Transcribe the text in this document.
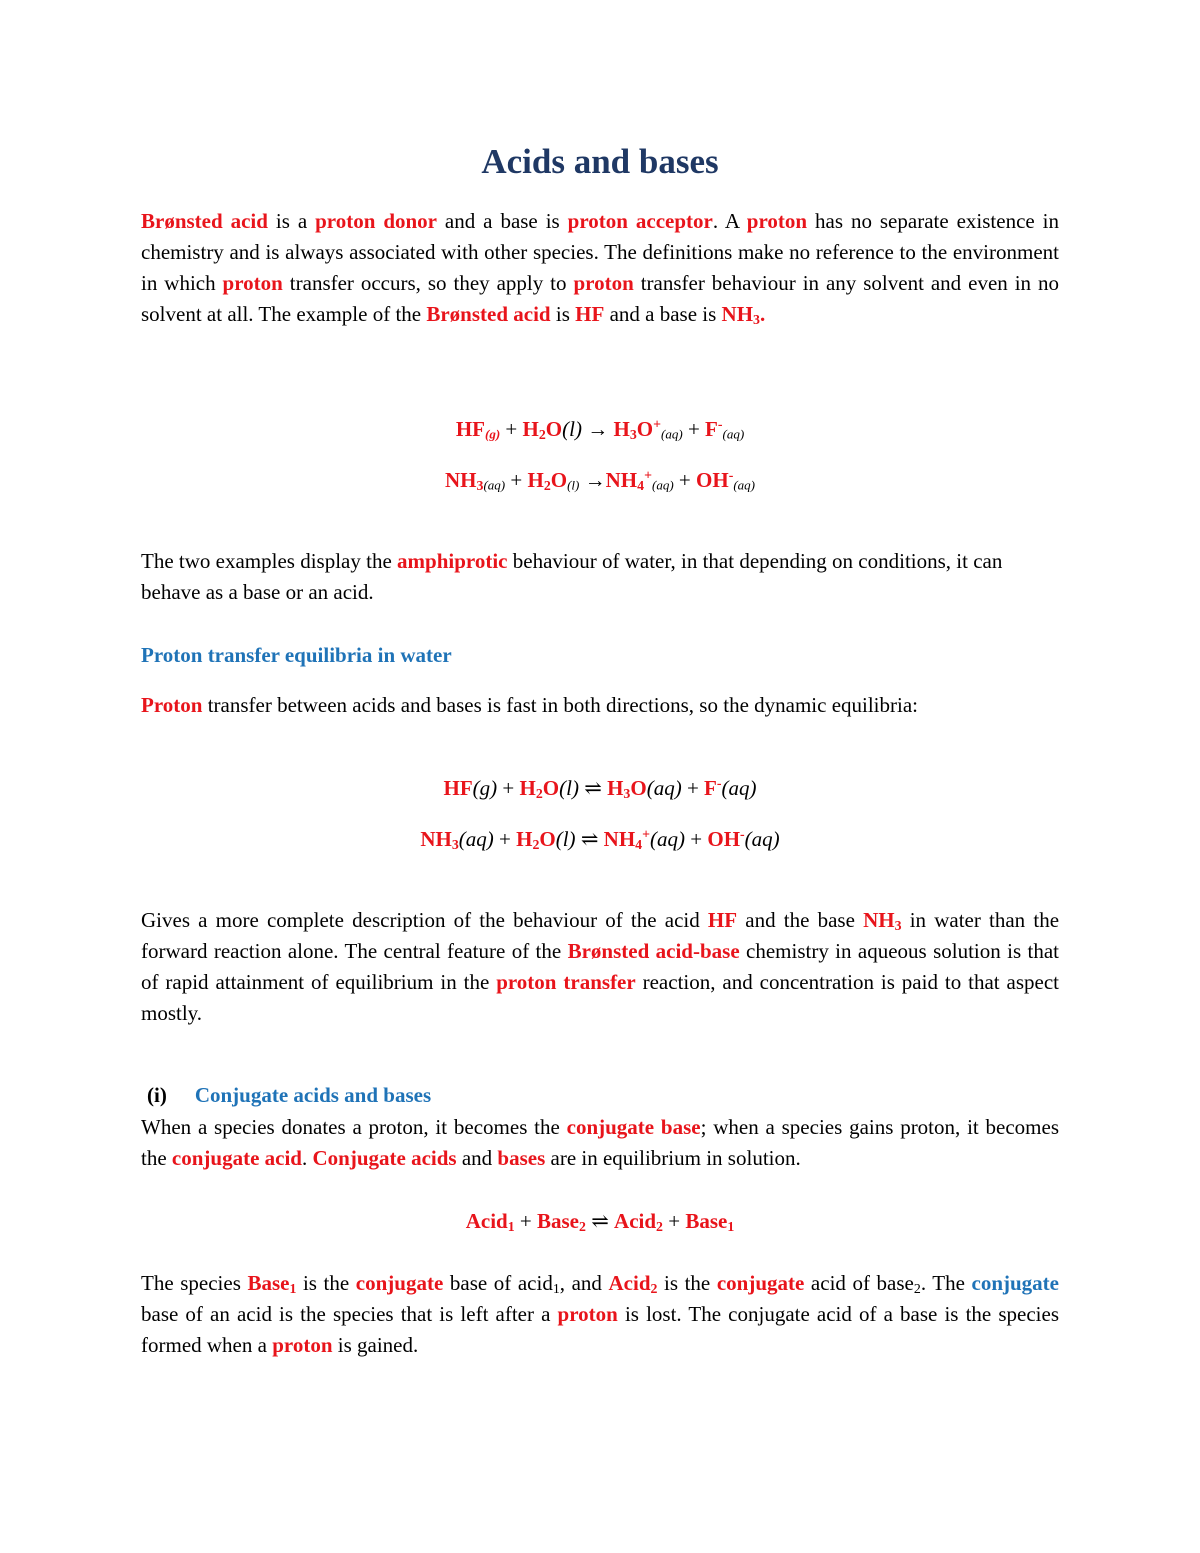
Acids and bases

Brønsted acid is a proton donor and a base is proton acceptor. A proton has no separate existence in chemistry and is always associated with other species. The definitions make no reference to the environment in which proton transfer occurs, so they apply to proton transfer behaviour in any solvent and even in no solvent at all. The example of the Brønsted acid is HF and a base is $NH_3$.

$HF(g) + H_2O(l) \to H_3O^+(aq) + F^-(aq)$

$NH_3(aq) + H_2O(l) \to NH_4^+(aq) + OH^-(aq)$

The two examples display the amphiprotic behaviour of water, in that depending on conditions, it can behave as a base or an acid.

Proton transfer equilibria in water

Proton transfer between acids and bases is fast in both directions, so the dynamic equilibria:

$HF(g) + H_2O(l)$ ⇌ $H_3O(aq) + F^-(aq)$

$NH_3(aq) + H_2O(l)$ ⇌ $NH_4^+(aq) + OH^-(aq)$

Gives a more complete description of the behaviour of the acid HF and the base $NH_3$ in water than the forward reaction alone. The central feature of the Brønsted acid-base chemistry in aqueous solution is that of rapid attainment of equilibrium in the proton transfer reaction, and concentration is paid to that aspect mostly.

(i) Conjugate acids and bases

When a species donates a proton, it becomes the conjugate base; when a species gains proton, it becomes the conjugate acid. Conjugate acids and bases are in equilibrium in solution.

Acid$_1$ + Base$_2$ ⇌ Acid$_2$ + Base$_1$

The species Base$_1$ is the conjugate base of acid$_1$, and Acid$_2$ is the conjugate acid of base$_2$. The conjugate base of an acid is the species that is left after a proton is lost. The conjugate acid of a base is the species formed when a proton is gained.
